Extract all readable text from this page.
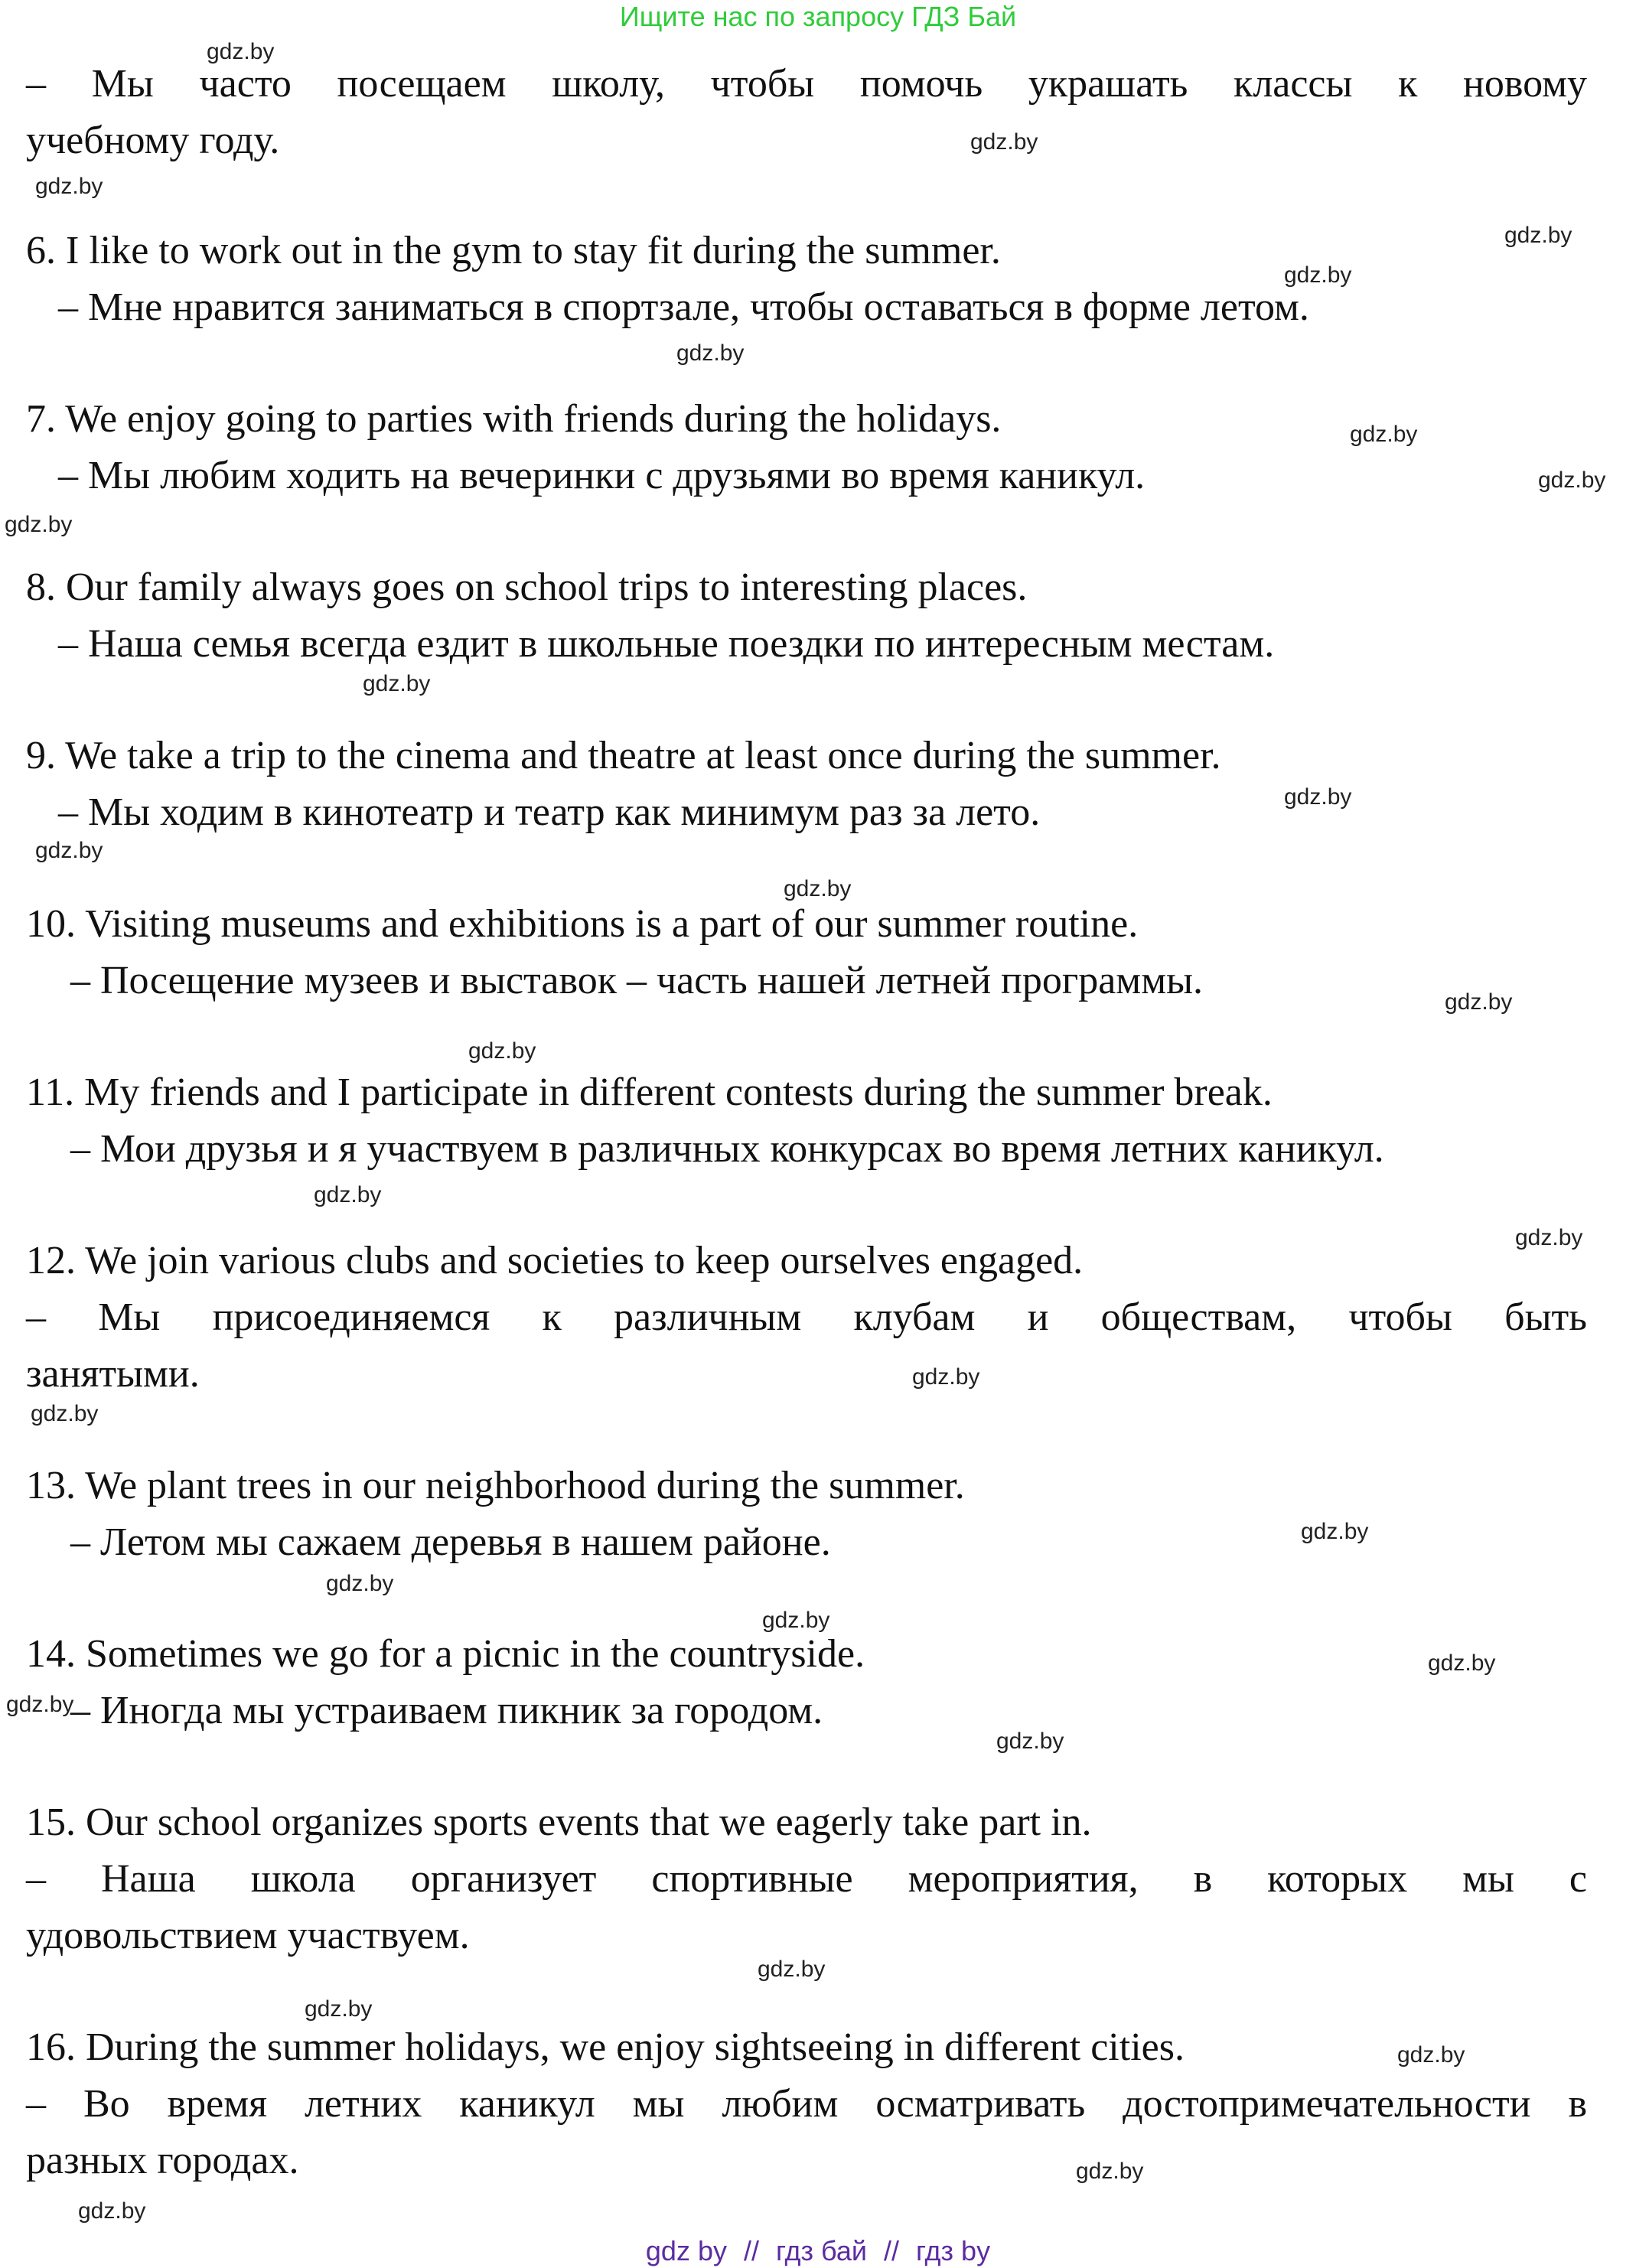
Ищите нас по запросу ГДЗ Бай
– Мы часто посещаем школу, чтобы помочь украшать классы к новому
учебному году.
6. I like to work out in the gym to stay fit during the summer.
– Мне нравится заниматься в спортзале, чтобы оставаться в форме летом.
7. We enjoy going to parties with friends during the holidays.
– Мы любим ходить на вечеринки с друзьями во время каникул.
8. Our family always goes on school trips to interesting places.
– Наша семья всегда ездит в школьные поездки по интересным местам.
9. We take a trip to the cinema and theatre at least once during the summer.
– Мы ходим в кинотеатр и театр как минимум раз за лето.
10. Visiting museums and exhibitions is a part of our summer routine.
– Посещение музеев и выставок – часть нашей летней программы.
11. My friends and I participate in different contests during the summer break.
– Мои друзья и я участвуем в различных конкурсах во время летних каникул.
12. We join various clubs and societies to keep ourselves engaged.
– Мы присоединяемся к различным клубам и обществам, чтобы быть
занятыми.
13. We plant trees in our neighborhood during the summer.
– Летом мы сажаем деревья в нашем районе.
14. Sometimes we go for a picnic in the countryside.
– Иногда мы устраиваем пикник за городом.
15. Our school organizes sports events that we eagerly take part in.
– Наша школа организует спортивные мероприятия, в которых мы с
удовольствием участвуем.
16. During the summer holidays, we enjoy sightseeing in different cities.
– Во время летних каникул мы любим осматривать достопримечательности в
разных городах.
gdz.by
gdz.by
gdz.by
gdz.by
gdz.by
gdz.by
gdz.by
gdz.by
gdz.by
gdz.by
gdz.by
gdz.by
gdz.by
gdz.by
gdz.by
gdz.by
gdz.by
gdz.by
gdz.by
gdz.by
gdz.by
gdz.by
gdz.by
gdz.by
gdz.by
gdz.by
gdz.by
gdz.by
gdz.by
gdz.by
gdz by // гдз бай // гдз by
